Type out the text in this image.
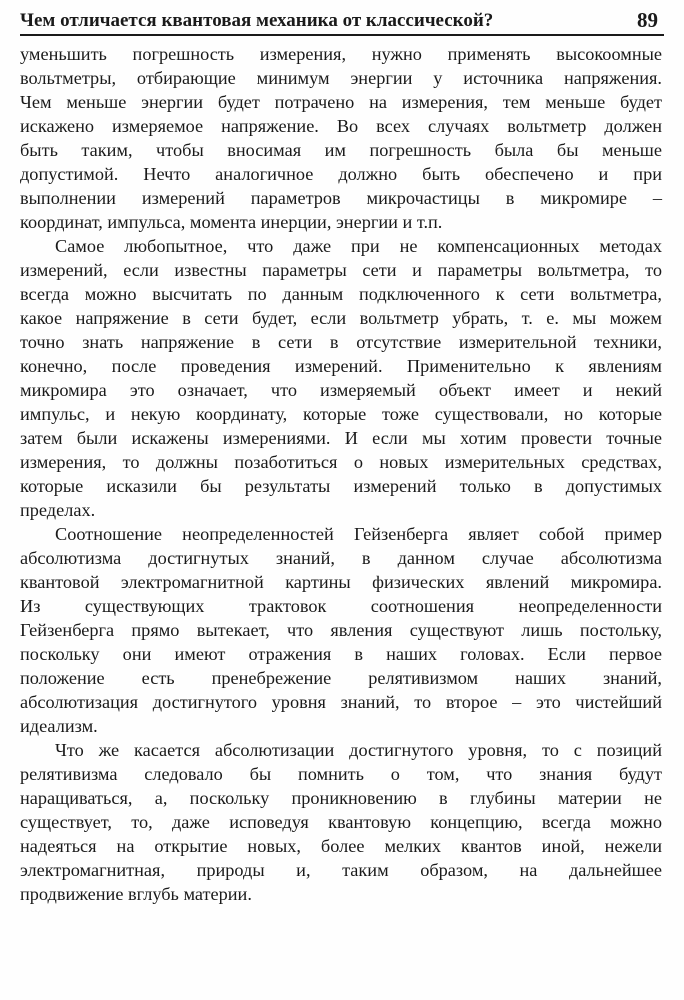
Чем отличается квантовая механика от классической?	89
уменьшить погрешность измерения, нужно применять высокоомные
вольтметры, отбирающие минимум энергии у источника напряжения.
Чем меньше энергии будет потрачено на измерения, тем меньше будет
искажено измеряемое напряжение. Во всех случаях вольтметр должен
быть таким, чтобы вносимая им погрешность была бы меньше
допустимой. Нечто аналогичное должно быть обеспечено и при
выполнении измерений параметров микрочастицы в микромире –
координат, импульса, момента инерции, энергии и т.п.
Самое любопытное, что даже при не компенсационных методах
измерений, если известны параметры сети и параметры вольтметра, то
всегда можно высчитать по данным подключенного к сети вольтметра,
какое напряжение в сети будет, если вольтметр убрать, т. е. мы можем
точно знать напряжение в сети в отсутствие измерительной техники,
конечно, после проведения измерений. Применительно к явлениям
микромира это означает, что измеряемый объект имеет и некий
импульс, и некую координату, которые тоже существовали, но которые
затем были искажены измерениями. И если мы хотим провести точные
измерения, то должны позаботиться о новых измерительных средствах,
которые исказили бы результаты измерений только в допустимых
пределах.
Соотношение неопределенностей Гейзенберга являет собой пример
абсолютизма достигнутых знаний, в данном случае абсолютизма
квантовой электромагнитной картины физических явлений микромира.
Из существующих трактовок соотношения неопределенности
Гейзенберга прямо вытекает, что явления существуют лишь постольку,
поскольку они имеют отражения в наших головах. Если первое
положение есть пренебрежение релятивизмом наших знаний,
абсолютизация достигнутого уровня знаний, то второе – это чистейший
идеализм.
Что же касается абсолютизации достигнутого уровня, то с позиций
релятивизма следовало бы помнить о том, что знания будут
наращиваться, а, поскольку проникновению в глубины материи не
существует, то, даже исповедуя квантовую концепцию, всегда можно
надеяться на открытие новых, более мелких квантов иной, нежели
электромагнитная, природы и, таким образом, на дальнейшее
продвижение вглубь материи.
